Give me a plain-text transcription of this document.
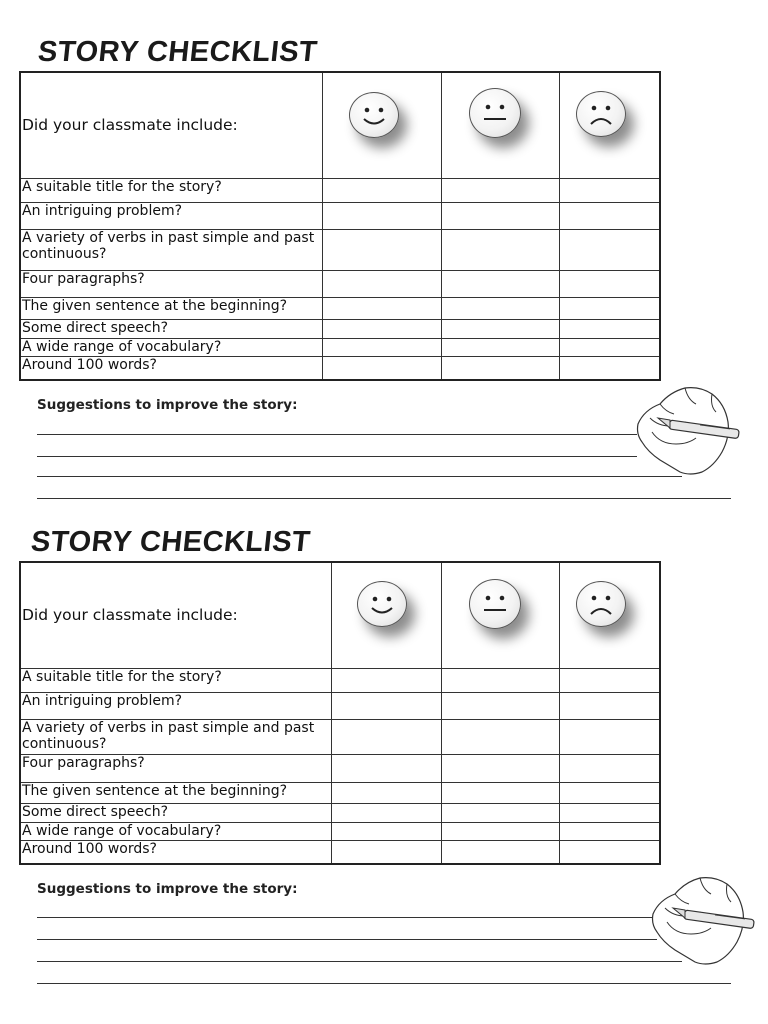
STORY CHECKLIST
Did your classmate include:	

A suitable title for the story?			
An intriguing problem?			
A variety of verbs in past simple and past continuous?			
Four paragraphs?			
The given sentence at the beginning?			
Some direct speech?			
A wide range of vocabulary?			
Around 100 words?			
Suggestions to improve the story:
STORY CHECKLIST
Did your classmate include:	

A suitable title for the story?			
An intriguing problem?			
A variety of verbs in past simple and past continuous?			
Four paragraphs?			
The given sentence at the beginning?			
Some direct speech?			
A wide range of vocabulary?			
Around 100 words?			
Suggestions to improve the story:
